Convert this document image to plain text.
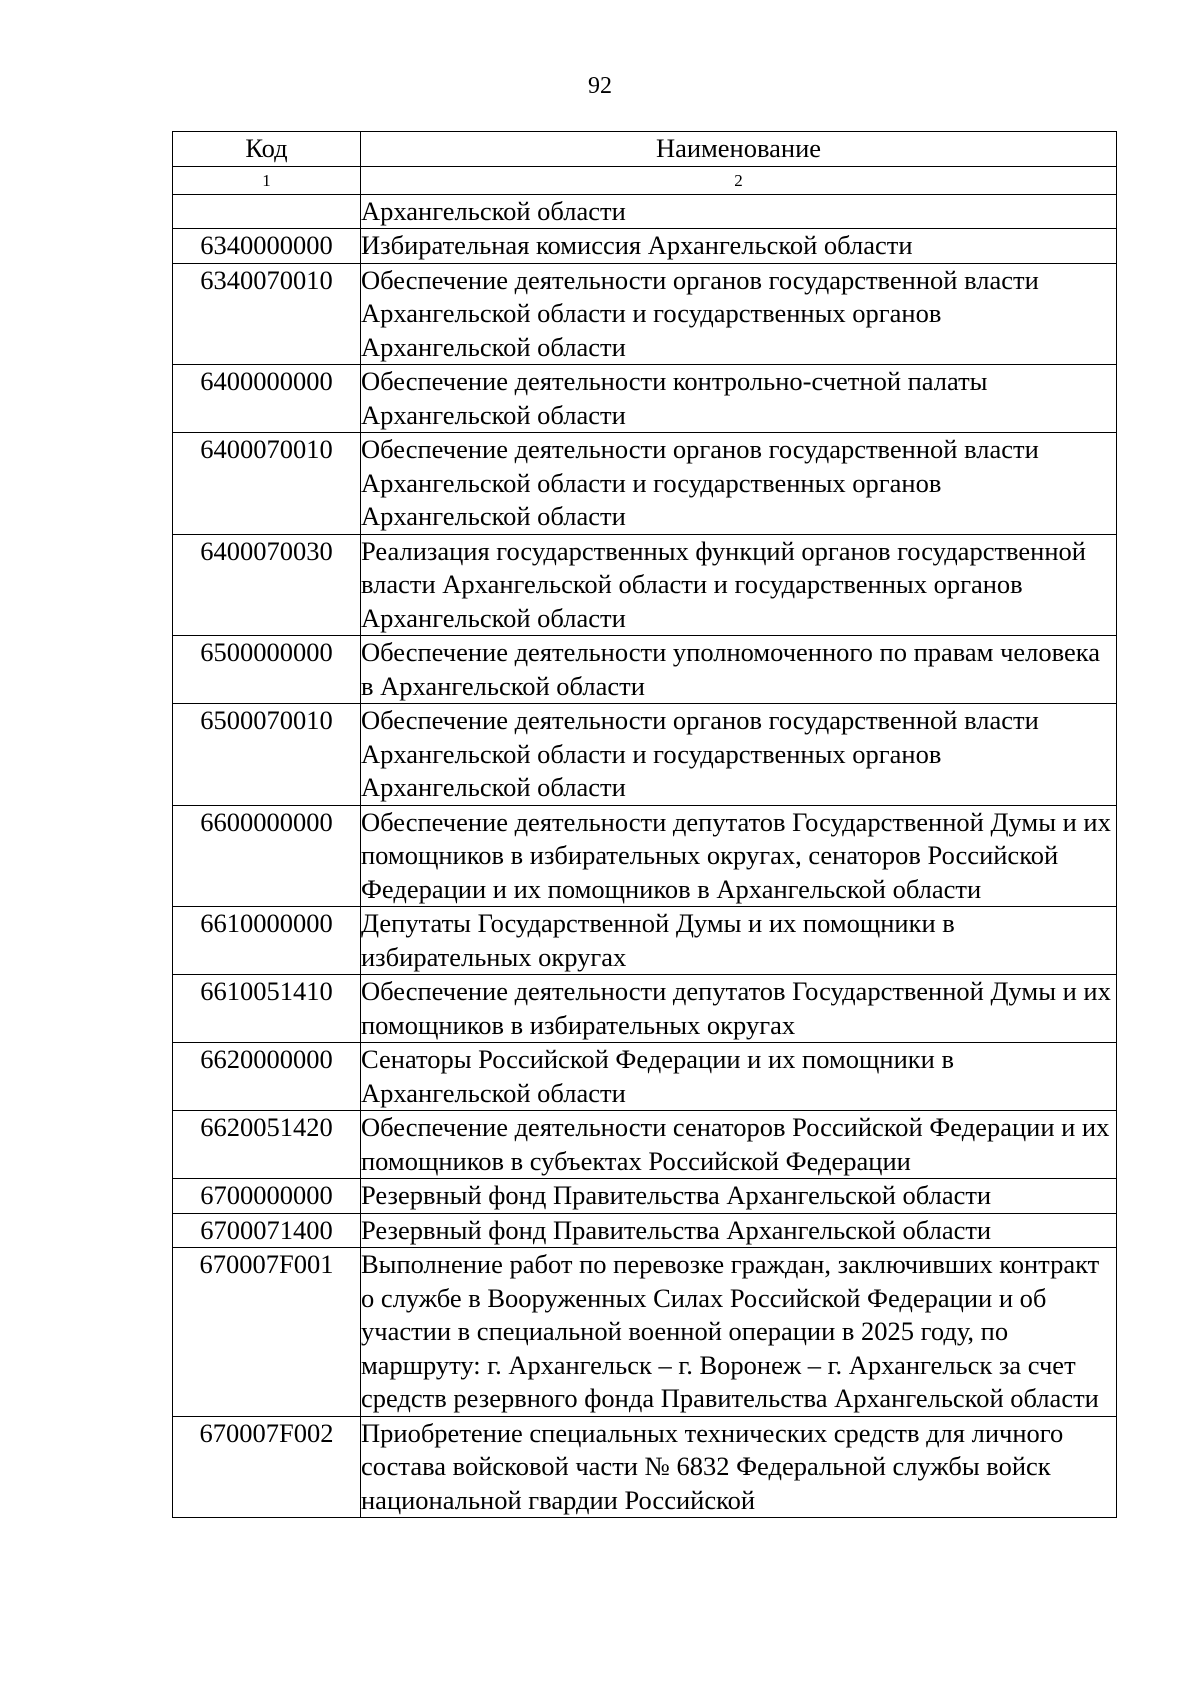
92
Код	Наименование
1	2
	Архангельской области
6340000000	Избирательная комиссия Архангельской области
6340070010	Обеспечение деятельности органов государственной власти Архангельской области и государственных органов Архангельской области
6400000000	Обеспечение деятельности контрольно-счетной палаты Архангельской области
6400070010	Обеспечение деятельности органов государственной власти Архангельской области и государственных органов Архангельской области
6400070030	Реализация государственных функций органов государственной власти Архангельской области и государственных органов Архангельской области
6500000000	Обеспечение деятельности уполномоченного по правам человека в Архангельской области
6500070010	Обеспечение деятельности органов государственной власти Архангельской области и государственных органов Архангельской области
6600000000	Обеспечение деятельности депутатов Государственной Думы и их помощников в избирательных округах, сенаторов Российской Федерации и их помощников в Архангельской области
6610000000	Депутаты Государственной Думы и их помощники в избирательных округах
6610051410	Обеспечение деятельности депутатов Государственной Думы и их помощников в избирательных округах
6620000000	Сенаторы Российской Федерации и их помощники в Архангельской области
6620051420	Обеспечение деятельности сенаторов Российской Федерации и их помощников в субъектах Российской Федерации
6700000000	Резервный фонд Правительства Архангельской области
6700071400	Резервный фонд Правительства Архангельской области
670007F001	Выполнение работ по перевозке граждан, заключивших контракт о службе в Вооруженных Силах Российской Федерации и об участии в специальной военной операции в 2025 году, по маршруту: г. Архангельск – г. Воронеж – г. Архангельск за счет средств резервного фонда Правительства Архангельской области
670007F002	Приобретение специальных технических средств для личного состава войсковой части № 6832 Федеральной службы войск национальной гвардии Российской
